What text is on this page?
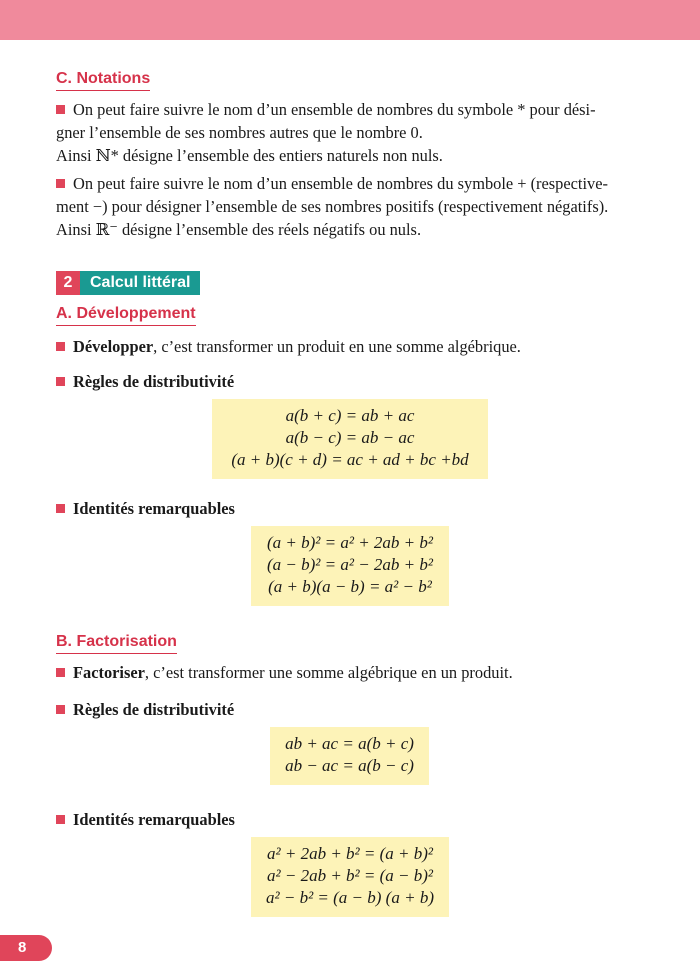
C. Notations

On peut faire suivre le nom d’un ensemble de nombres du symbole * pour dési-

gner l’ensemble de ses nombres autres que le nombre 0.

Ainsi ℕ* désigne l’ensemble des entiers naturels non nuls.

On peut faire suivre le nom d’un ensemble de nombres du symbole + (respective-

ment −) pour désigner l’ensemble de ses nombres positifs (respectivement négatifs).

Ainsi ℝ⁻ désigne l’ensemble des réels négatifs ou nuls.

2	Calcul littéral
A. Développement
Développer, c’est transformer un produit en une somme algébrique.
Règles de distributivité
a(b + c) = ab + ac
a(b − c) = ab − ac
(a + b)(c + d) = ac + ad + bc +bd
Identités remarquables
(a + b)² = a² + 2ab + b²
(a − b)² = a² − 2ab + b²
(a + b)(a − b) = a² − b²
B. Factorisation
Factoriser, c’est transformer une somme algébrique en un produit.
Règles de distributivité
ab + ac = a(b + c)
ab − ac = a(b − c)
Identités remarquables
a² + 2ab + b² = (a + b)²
a² − 2ab + b² = (a − b)²
a² − b² = (a − b) (a + b)
8
